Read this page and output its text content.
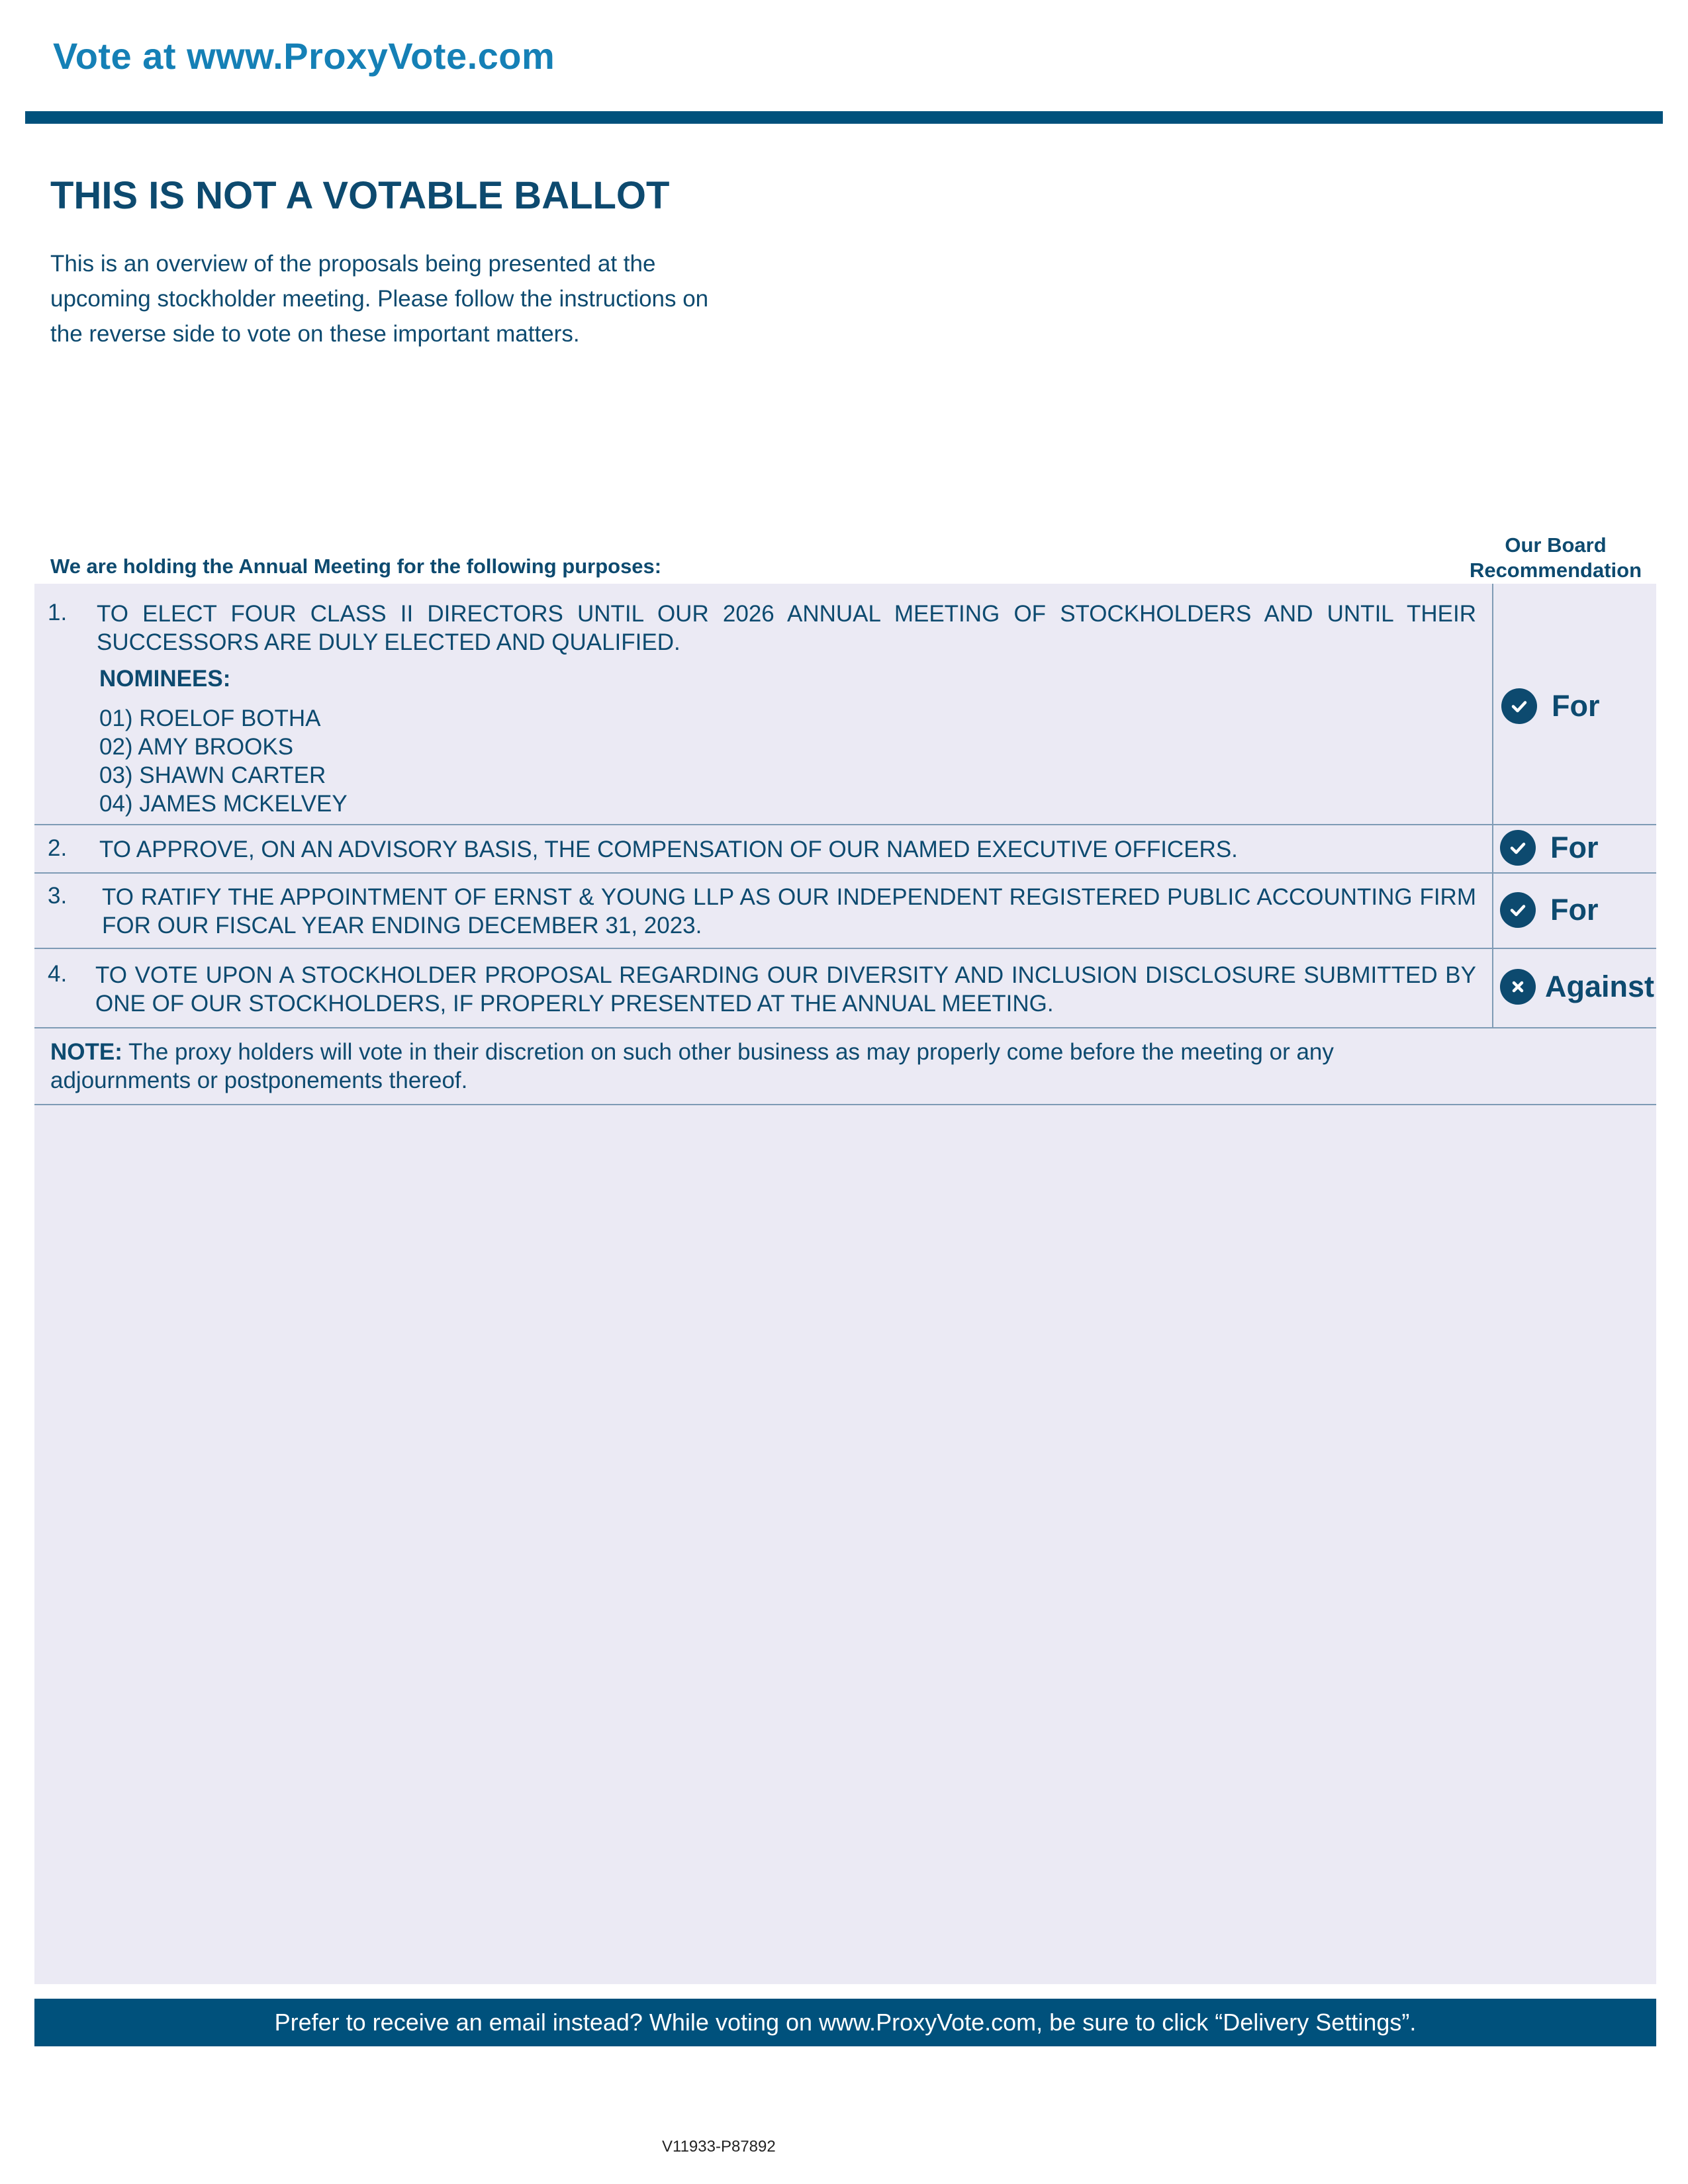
Vote at www.ProxyVote.com
THIS IS NOT A VOTABLE BALLOT
This is an overview of the proposals being presented at the
upcoming stockholder meeting. Please follow the instructions on
the reverse side to vote on these important matters.
We are holding the Annual Meeting for the following purposes:
Our Board
Recommendation
1. TO ELECT FOUR CLASS II DIRECTORS UNTIL OUR 2026 ANNUAL MEETING OF STOCKHOLDERS AND UNTIL THEIR SUCCESSORS ARE DULY ELECTED AND QUALIFIED.
NOMINEES:
01) ROELOF BOTHA
02) AMY BROOKS
03) SHAWN CARTER
04) JAMES MCKELVEY
For
2. TO APPROVE, ON AN ADVISORY BASIS, THE COMPENSATION OF OUR NAMED EXECUTIVE OFFICERS.	For
3. TO RATIFY THE APPOINTMENT OF ERNST & YOUNG LLP AS OUR INDEPENDENT REGISTERED PUBLIC ACCOUNTING FIRM FOR OUR FISCAL YEAR ENDING DECEMBER 31, 2023.	For
4. TO VOTE UPON A STOCKHOLDER PROPOSAL REGARDING OUR DIVERSITY AND INCLUSION DISCLOSURE SUBMITTED BY ONE OF OUR STOCKHOLDERS, IF PROPERLY PRESENTED AT THE ANNUAL MEETING.
Against
NOTE: The proxy holders will vote in their discretion on such other business as may properly come before the meeting or any adjournments or postponements thereof.
Prefer to receive an email instead? While voting on www.ProxyVote.com, be sure to click “Delivery Settings”.
V11933-P87892
